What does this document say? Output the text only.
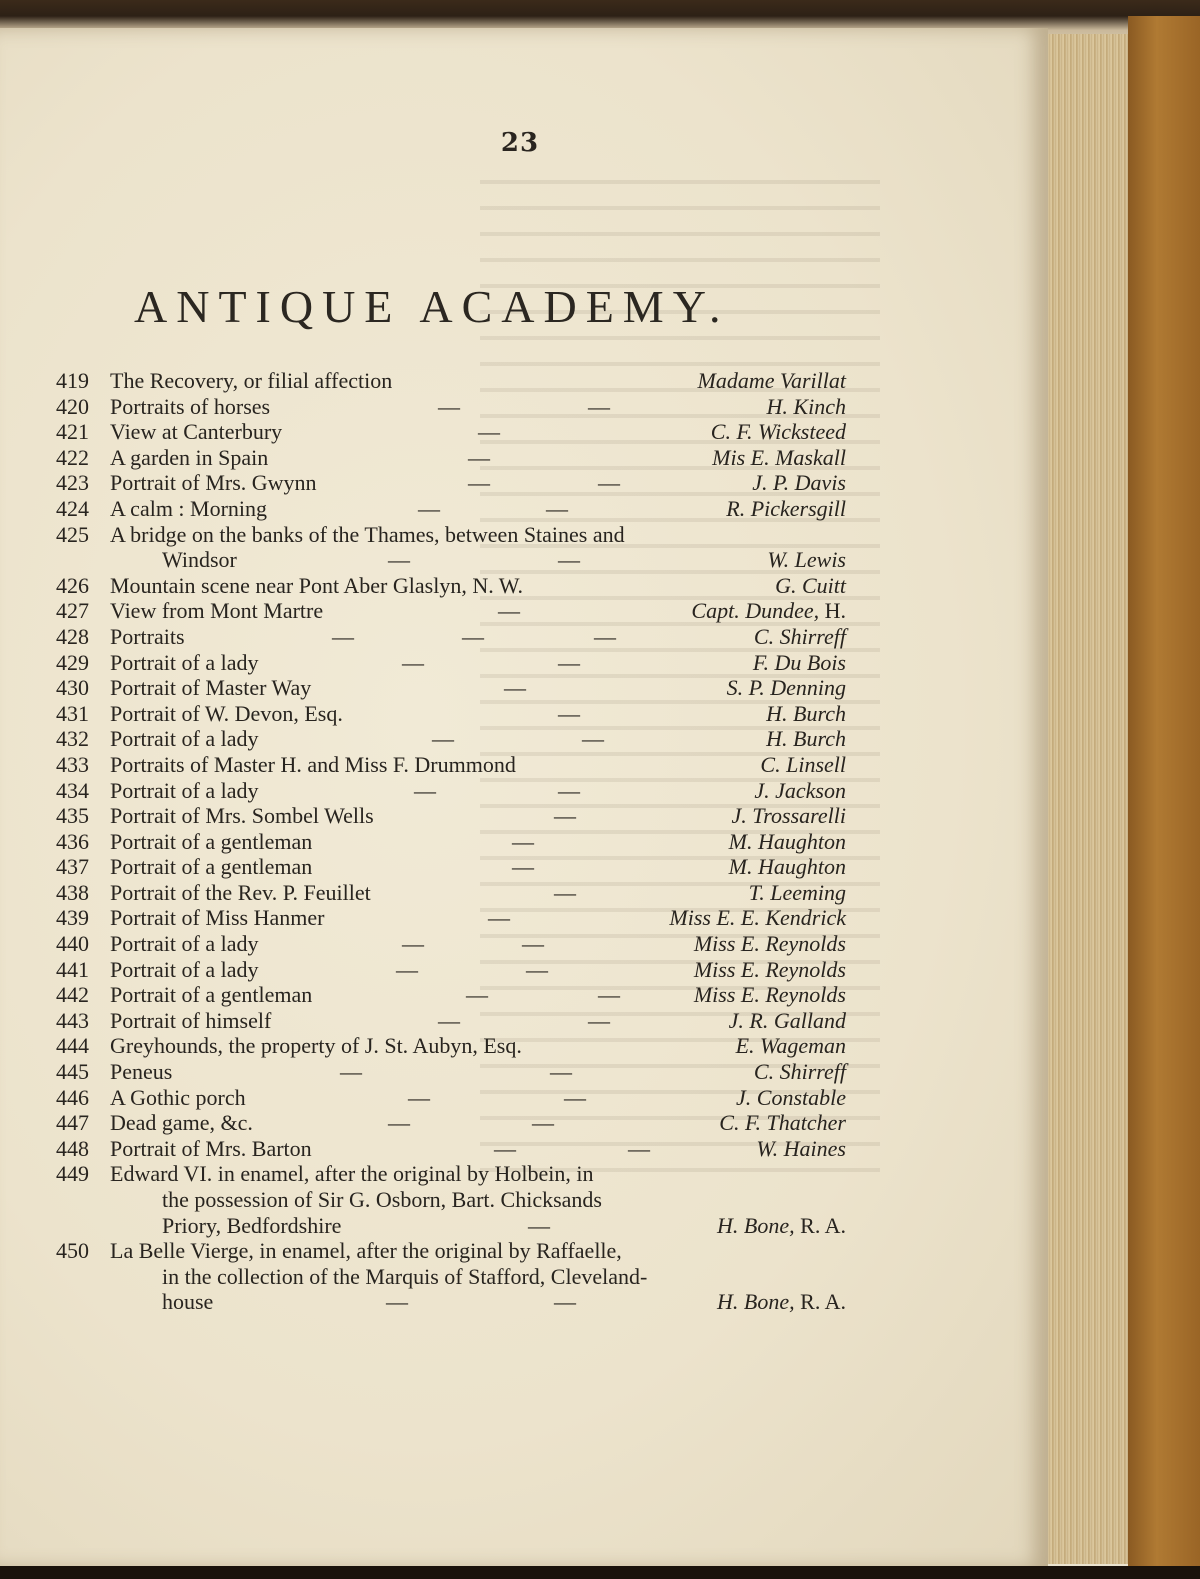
23
ANTIQUE ACADEMY.
419 The Recovery, or filial affection	Madame Varillat
420 Portraits of horses	—	—	H. Kinch
421 View at Canterbury	—	C. F. Wicksteed
422 A garden in Spain	—	Mis E. Maskall
423 Portrait of Mrs. Gwynn	—	—	J. P. Davis
424 A calm : Morning	—	—	R. Pickersgill
425 A bridge on the banks of the Thames, between Staines and
Windsor	—	—	W. Lewis
426 Mountain scene near Pont Aber Glaslyn, N. W.	G. Cuitt
427 View from Mont Martre	—	Capt. Dundee, H.
428 Portraits	—	—	—	C. Shirreff
429 Portrait of a lady	—	—	F. Du Bois
430 Portrait of Master Way	—	S. P. Denning
431 Portrait of W. Devon, Esq.	—	H. Burch
432 Portrait of a lady	—	—	H. Burch
433 Portraits of Master H. and Miss F. Drummond	C. Linsell
434 Portrait of a lady	—	—	J. Jackson
435 Portrait of Mrs. Sombel Wells	—	J. Trossarelli
436 Portrait of a gentleman	—	M. Haughton
437 Portrait of a gentleman	—	M. Haughton
438 Portrait of the Rev. P. Feuillet	—	T. Leeming
439 Portrait of Miss Hanmer	—	Miss E. E. Kendrick
440 Portrait of a lady	—	—	Miss E. Reynolds
441 Portrait of a lady	—	—	Miss E. Reynolds
442 Portrait of a gentleman	—	—	Miss E. Reynolds
443 Portrait of himself	—	—	J. R. Galland
444 Greyhounds, the property of J. St. Aubyn, Esq.	E. Wageman
445 Peneus	—	—	C. Shirreff
446 A Gothic porch	—	—	J. Constable
447 Dead game, &c.	—	—	C. F. Thatcher
448 Portrait of Mrs. Barton	—	—	W. Haines
449 Edward VI. in enamel, after the original by Holbein, in
the possession of Sir G. Osborn, Bart. Chicksands
Priory, Bedfordshire	—	H. Bone, R. A.
450 La Belle Vierge, in enamel, after the original by Raffaelle,
in the collection of the Marquis of Stafford, Cleveland-
house	—	—	H. Bone, R. A.
